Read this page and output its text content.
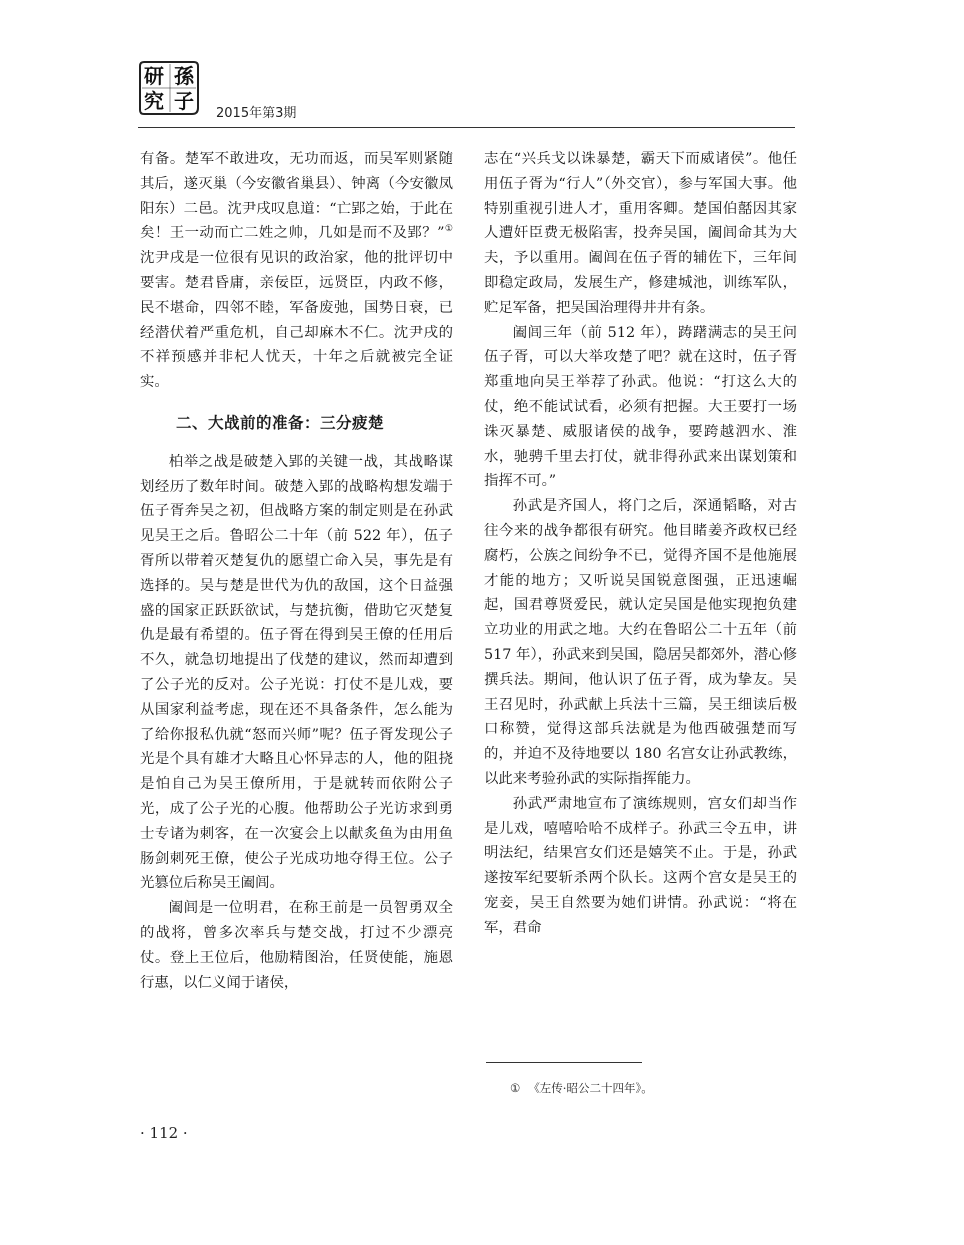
研
究
孫
子
2015年第3期

有备。楚军不敢进攻，无功而返，而吴军则紧随其后，遂灭巢（今安徽省巢县）、钟离（今安徽凤阳东）二邑。沈尹戌叹息道：“亡郢之始，于此在矣！王一动而亡二姓之帅，几如是而不及郢？”①沈尹戌是一位很有见识的政治家，他的批评切中要害。楚君昏庸，亲佞臣，远贤臣，内政不修，民不堪命，四邻不睦，军备废弛，国势日衰，已经潜伏着严重危机，自己却麻木不仁。沈尹戌的不祥预感并非杞人忧天，十年之后就被完全证实。

二、大战前的准备：三分疲楚

柏举之战是破楚入郢的关键一战，其战略谋划经历了数年时间。破楚入郢的战略构想发端于伍子胥奔吴之初，但战略方案的制定则是在孙武见吴王之后。鲁昭公二十年（前 522 年），伍子胥所以带着灭楚复仇的愿望亡命入吴，事先是有选择的。吴与楚是世代为仇的敌国，这个日益强盛的国家正跃跃欲试，与楚抗衡，借助它灭楚复仇是最有希望的。伍子胥在得到吴王僚的任用后不久，就急切地提出了伐楚的建议，然而却遭到了公子光的反对。公子光说：打仗不是儿戏，要从国家利益考虑，现在还不具备条件，怎么能为了给你报私仇就“怒而兴师”呢？伍子胥发现公子光是个具有雄才大略且心怀异志的人，他的阻挠是怕自己为吴王僚所用，于是就转而依附公子光，成了公子光的心腹。他帮助公子光访求到勇士专诸为刺客，在一次宴会上以献炙鱼为由用鱼肠剑刺死王僚，使公子光成功地夺得王位。公子光篡位后称吴王阖闾。

阖闾是一位明君，在称王前是一员智勇双全的战将，曾多次率兵与楚交战，打过不少漂亮仗。登上王位后，他励精图治，任贤使能，施恩行惠，以仁义闻于诸侯，

志在“兴兵戈以诛暴楚，霸天下而威诸侯”。他任用伍子胥为“行人”（外交官），参与军国大事。他特别重视引进人才，重用客卿。楚国伯嚭因其家人遭奸臣费无极陷害，投奔吴国，阖闾命其为大夫，予以重用。阖闾在伍子胥的辅佐下，三年间即稳定政局，发展生产，修建城池，训练军队，贮足军备，把吴国治理得井井有条。

阖闾三年（前 512 年），踌躇满志的吴王问伍子胥，可以大举攻楚了吧？就在这时，伍子胥郑重地向吴王举荐了孙武。他说：“打这么大的仗，绝不能试试看，必须有把握。大王要打一场诛灭暴楚、威服诸侯的战争，要跨越泗水、淮水，驰骋千里去打仗，就非得孙武来出谋划策和指挥不可。”

孙武是齐国人，将门之后，深通韬略，对古往今来的战争都很有研究。他目睹姜齐政权已经腐朽，公族之间纷争不已，觉得齐国不是他施展才能的地方；又听说吴国锐意图强，正迅速崛起，国君尊贤爱民，就认定吴国是他实现抱负建立功业的用武之地。大约在鲁昭公二十五年（前 517 年），孙武来到吴国，隐居吴都郊外，潜心修撰兵法。期间，他认识了伍子胥，成为挚友。吴王召见时，孙武献上兵法十三篇，吴王细读后极口称赞，觉得这部兵法就是为他西破强楚而写的，并迫不及待地要以 180 名宫女让孙武教练，以此来考验孙武的实际指挥能力。

孙武严肃地宣布了演练规则，宫女们却当作是儿戏，嘻嘻哈哈不成样子。孙武三令五申，讲明法纪，结果宫女们还是嬉笑不止。于是，孙武遂按军纪要斩杀两个队长。这两个宫女是吴王的宠妾，吴王自然要为她们讲情。孙武说：“将在军，君命

① 《左传·昭公二十四年》。
· 112 ·
